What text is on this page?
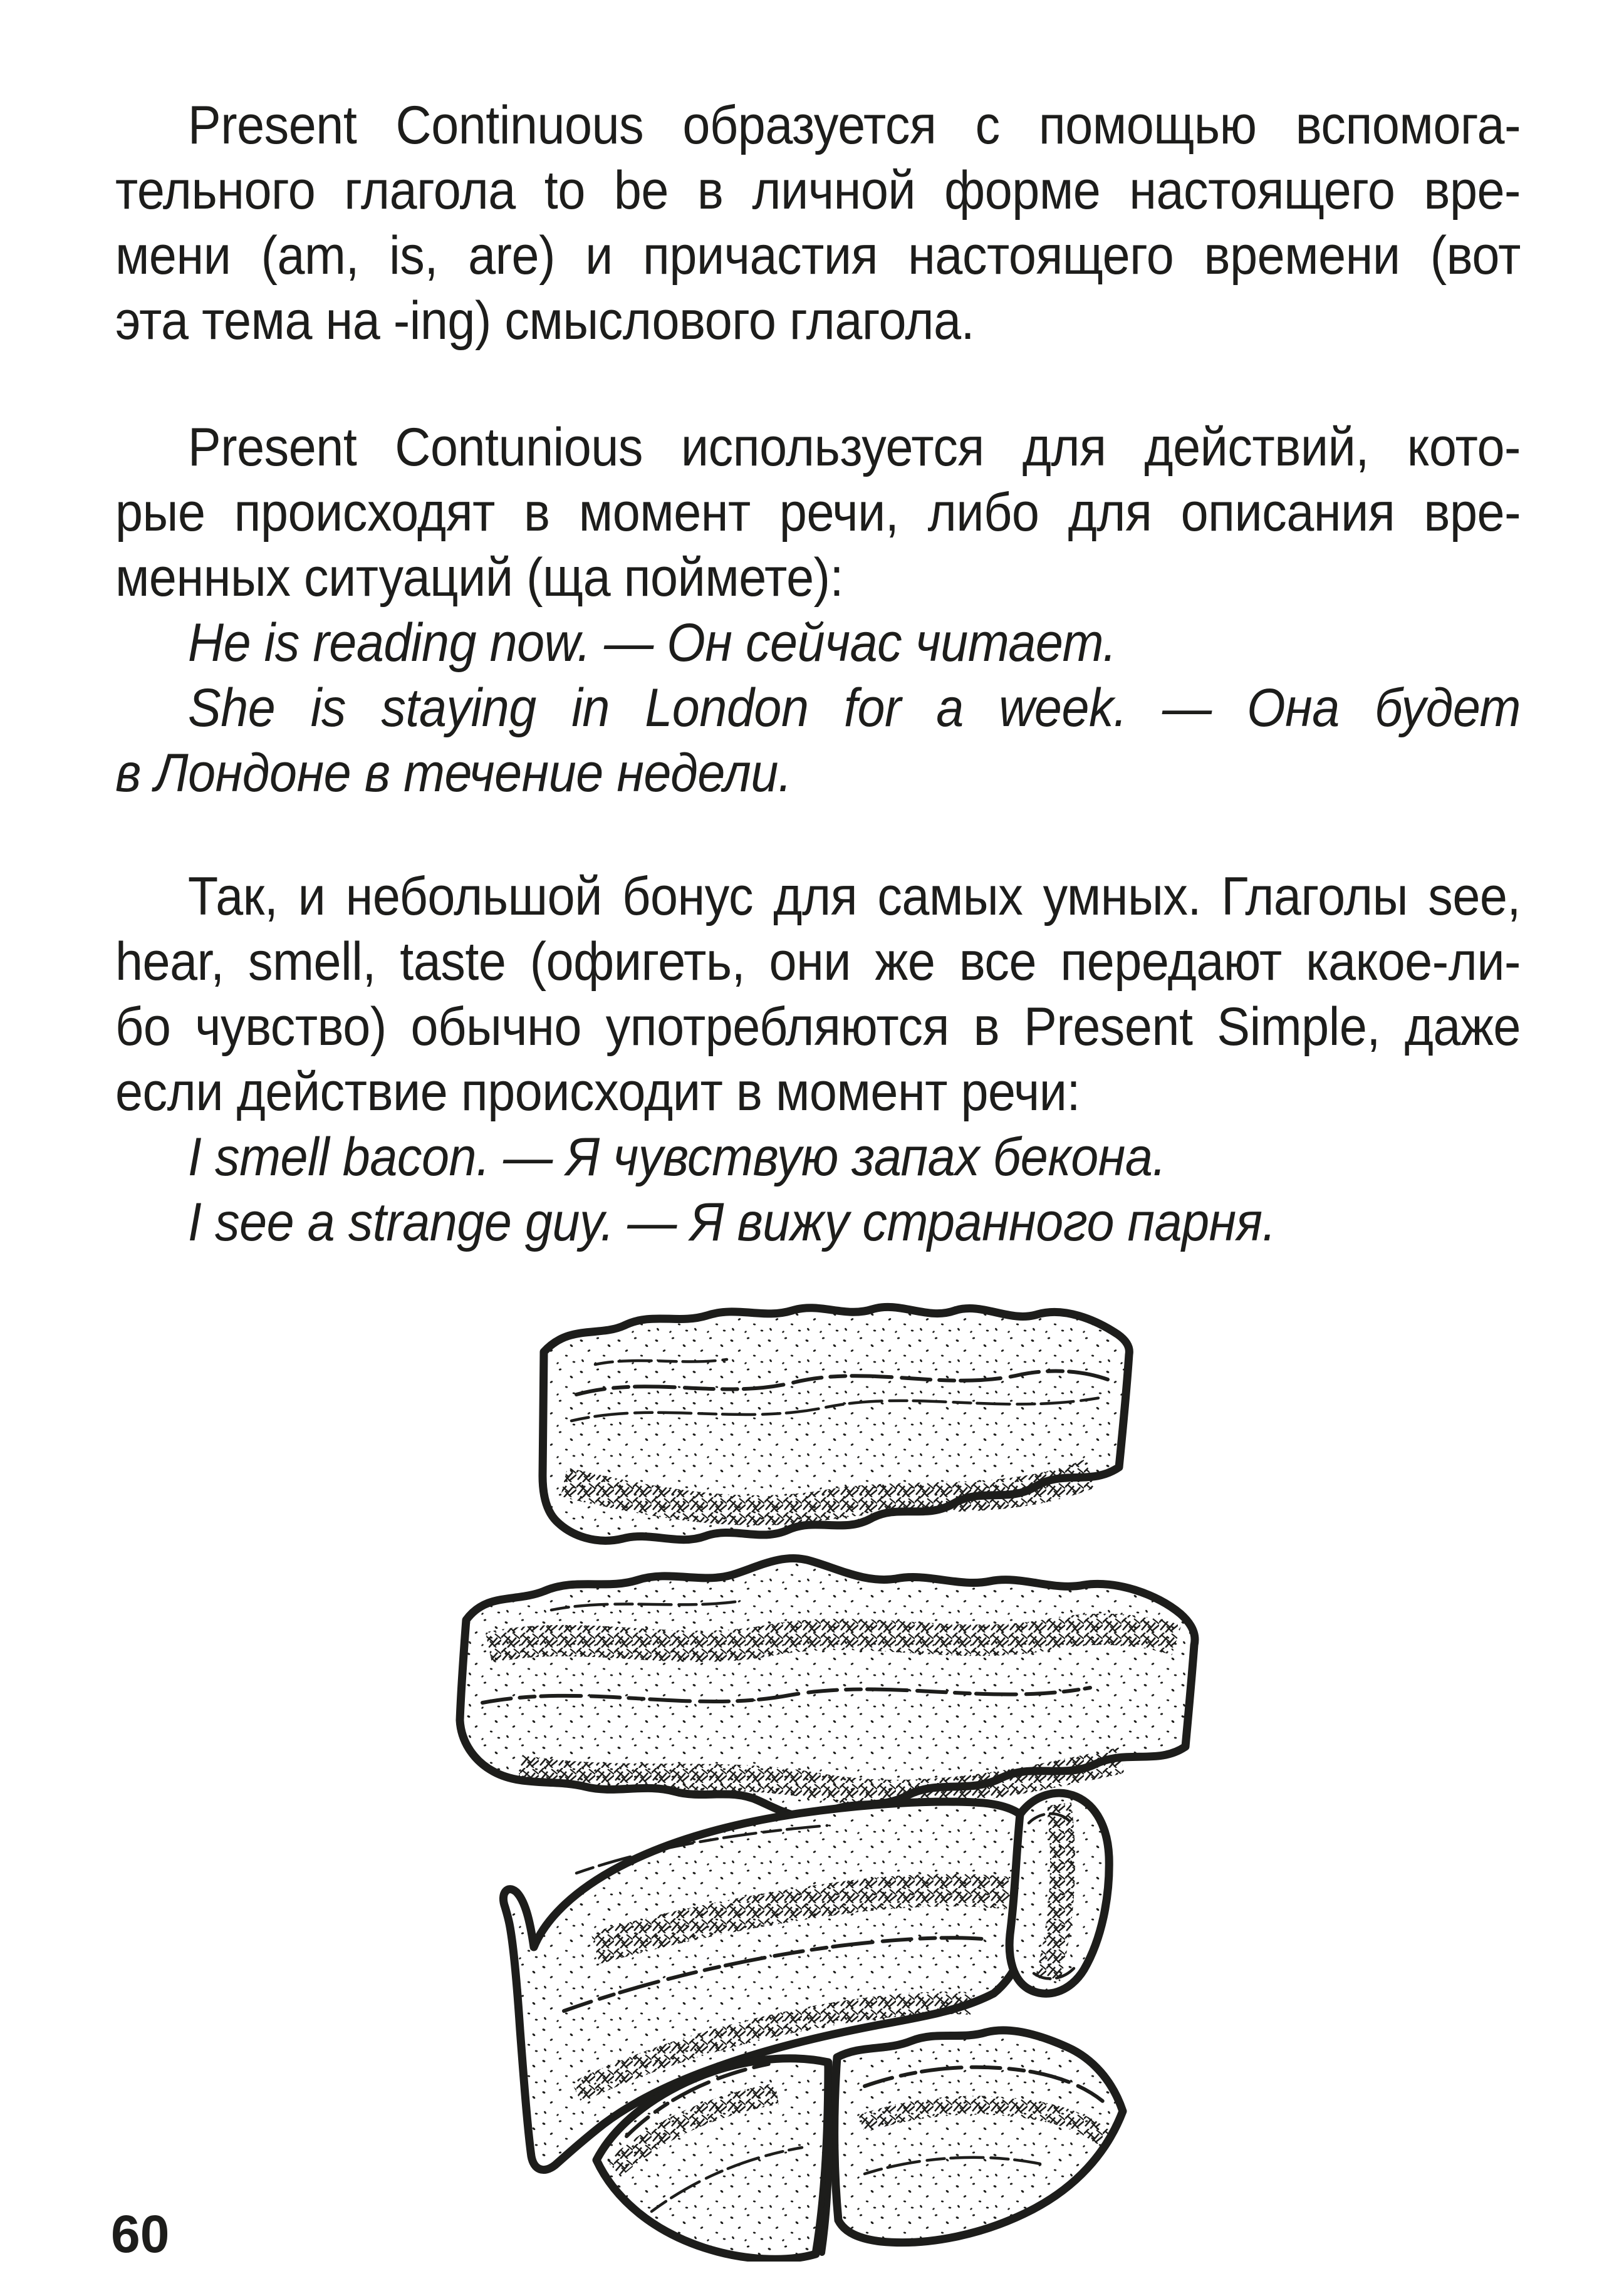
Present Continuous образуется с помощью вспомога-
тельного глагола to be в личной форме настоящего вре-
мени (am, is, are) и причастия настоящего времени (вот
эта тема на -ing) смыслового глагола.
Present Contunious используется для действий, кото-
рые происходят в момент речи, либо для описания вре-
менных ситуаций (ща поймете):
He is reading now. — Он сейчас читает.
She is staying in London for a week. — Она будет
в Лондоне в течение недели.
Так, и небольшой бонус для самых умных. Глаголы see,
hear, smell, taste (офигеть, они же все передают какое-ли-
бо чувство) обычно употребляются в Present Simple, даже
если действие происходит в момент речи:
I smell bacon. — Я чувствую запах бекона.
I see a strange guy. — Я вижу странного парня.
60
